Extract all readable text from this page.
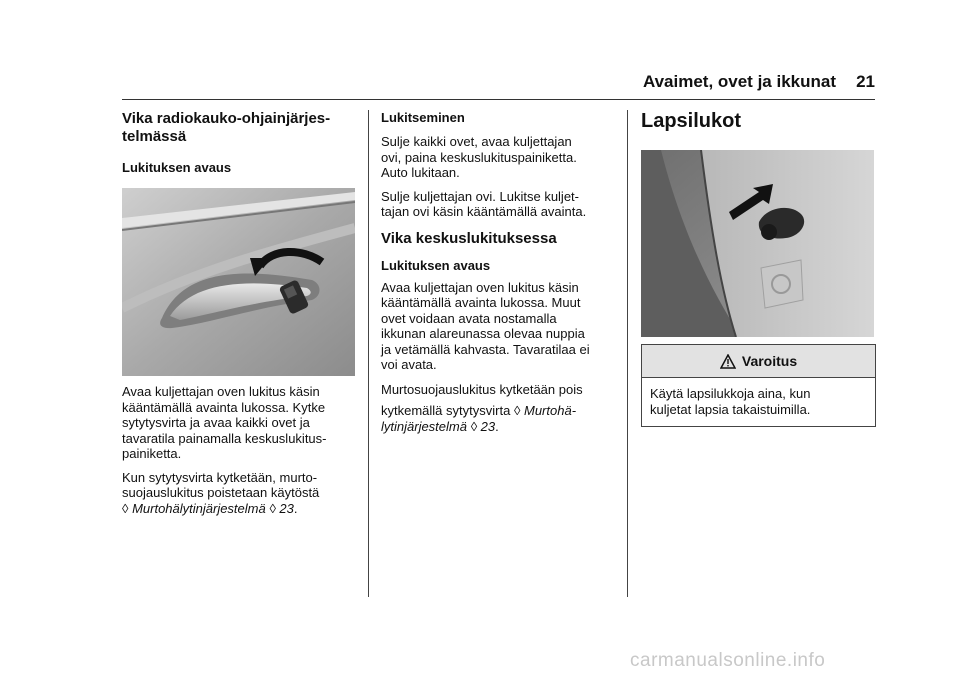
Avaimet, ovet ja ikkunat	21
Vika radiokauko-ohjainjärjes-
telmässä
Lukituksen avaus
Avaa kuljettajan oven lukitus käsin
kääntämällä avainta lukossa. Kytke
sytytysvirta ja avaa kaikki ovet ja
tavaratila painamalla keskuslukitus-
painiketta.
Kun sytytysvirta kytketään, murto-
suojauslukitus poistetaan käytöstä
◊ Murtohälytinjärjestelmä ◊ 23.
Lukitseminen
Sulje kaikki ovet, avaa kuljettajan
ovi, paina keskuslukituspainiketta.
Auto lukitaan.
Sulje kuljettajan ovi. Lukitse kuljet-
tajan ovi käsin kääntämällä avainta.
Vika keskuslukituksessa
Lukituksen avaus
Avaa kuljettajan oven lukitus käsin
kääntämällä avainta lukossa. Muut
ovet voidaan avata nostamalla
ikkunan alareunassa olevaa nuppia
ja vetämällä kahvasta. Tavaratilaa ei
voi avata.
Murtosuojauslukitus kytketään pois
kytkemällä sytytysvirta ◊ Murtohä-
lytinjärjestelmä ◊ 23.
Lapsilukot
Varoitus
Käytä lapsilukkoja aina, kun
kuljetat lapsia takaistuimilla.
carmanualsonline.info
